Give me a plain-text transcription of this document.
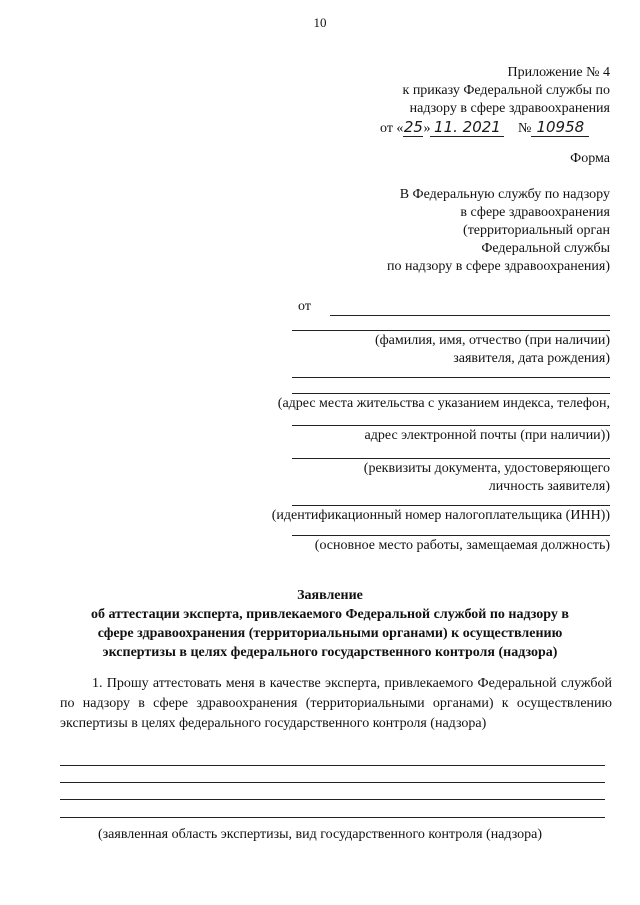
10
Приложение № 4
к приказу Федеральной службы по
надзору в сфере здравоохранения
от «25» 11. 2021 № 10958
Форма
В Федеральную службу по надзору
в сфере здравоохранения
(территориальный орган
Федеральной службы
по надзору в сфере здравоохранения)
от
(фамилия, имя, отчество (при наличии)
заявителя, дата рождения)
(адрес места жительства с указанием индекса, телефон,
адрес электронной почты (при наличии))
(реквизиты документа, удостоверяющего
личность заявителя)
(идентификационный номер налогоплательщика (ИНН))
(основное место работы, замещаемая должность)
Заявление
об аттестации эксперта, привлекаемого Федеральной службой по надзору в
сфере здравоохранения (территориальными органами) к осуществлению
экспертизы в целях федерального государственного контроля (надзора)
1. Прошу аттестовать меня в качестве эксперта, привлекаемого Федеральной службой по надзору в сфере здравоохранения (территориальными органами) к осуществлению экспертизы в целях федерального государственного контроля (надзора)
(заявленная область экспертизы, вид государственного контроля (надзора)
